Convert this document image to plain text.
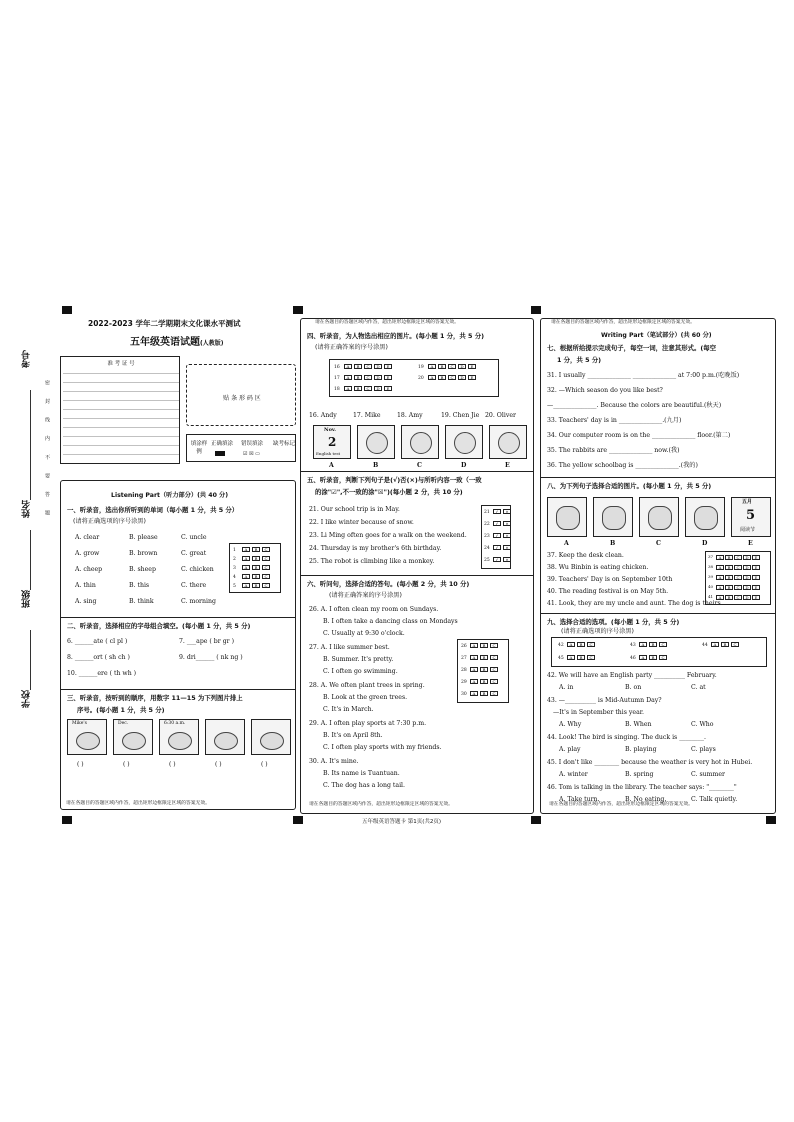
考号
姓名
班级
学校
密 封 线 内 不 要 答 题
2022-2023 学年二学期期末文化课水平测试
五年级英语试题(人教版)
准 考 证 号
贴 条 形 码 区
填涂样例
正确填涂 错误填涂
☑ ☒ ▭
缺考标记
Listening Part（听力部分）(共 40 分)
一、听录音，选出你所听到的单词（每小题 1 分，共 5 分）
(请将正确选项的序号涂黑)
A. clear	B. please	C. uncle
A. grow	B. brown	C. great
A. cheep	B. sheep	C. chicken
A. thin	B. this	C. there
A. sing	B. think	C. morning
1 A B C
2 A B C
3 A B C
4 A B C
5 A B C
二、听录音，选择相应的字母组合填空。(每小题 1 分，共 5 分)
6. ______ate ( cl pl )	7. ___ape ( br gr )
8. ______ort ( sh ch )	9. dri______ ( nk ng )
10. ______ere ( th wh )
三、听录音，按听到的顺序，用数字 11—15 为下列图片排上
序号。(每小题 1 分，共 5 分)
Mike's
( )
Dec.
( )
6:30 a.m.
( )	( )	( )
请在各题目的答题区域内作答，超出矩形边框限定区域的答案无效。
请在各题目的答题区域内作答，超出矩形边框限定区域的答案无效。
四、听录音，为人物选出相应的图片。(每小题 1 分，共 5 分)
(请将正确答案的序号涂黑)
16 A B C D E
17 A B C D E
18 A B C D E
19 A B C D E
20 A B C D E
16. Andy	17. Mike	18. Amy	19. Chen Jie 20. Oliver
Nov.
2
English test
A	B	C	D	E
五、听录音，判断下列句子是(√)否(×)与所听内容一致（一致
的涂"☑",不一致的涂"☒")(每小题 2 分，共 10 分)
21. Our school trip is in May.
22. I like winter because of snow.
23. Li Ming often goes for a walk on the weekend.
24. Thursday is my brother's 6th birthday.
25. The robot is climbing like a monkey.
21 ✓ ×
22 ✓ ×
23 ✓ ×
24 ✓ ×
25 ✓ ×
六、听问句，选择合适的答句。(每小题 2 分，共 10 分)
(请将正确答案的序号涂黑)
26. A. I often clean my room on Sundays.
B. I often take a dancing class on Mondays
C. Usually at 9:30 o'clock.
27. A. I like summer best.
B. Summer. It's pretty.
C. I often go swimming.
28. A. We often plant trees in spring.
B. Look at the green trees.
C. It's in March.
29. A. I often play sports at 7:30 p.m.
B. It's on April 8th.
C. I often play sports with my friends.
30. A. It's mine.
B. Its name is Tuantuan.
C. The dog has a long tail.
26 A B C
27 A B C
28 A B C
29 A B C
30 A B C
请在各题目的答题区域内作答，超出矩形边框限定区域的答案无效。
五年级英语答题卡 第1页(共2页)
请在各题目的答题区域内作答，超出矩形边框限定区域的答案无效。
Writing Part（笔试部分）(共 60 分)
七、根据所给提示完成句子，每空一词，注意其形式。(每空
1 分，共 5 分)
31. I usually ______________ ______________ at 7:00 p.m.(吃晚饭)
32. —Which season do you like best?
—______________. Because the colors are beautiful.(秋天)
33. Teachers' day is in ______________.(九月)
34. Our computer room is on the ______________ floor.(第二)
35. The rabbits are ______________ now.(我)
36. The yellow schoolbag is ______________.(我的)
八、为下列句子选择合适的图片。(每小题 1 分，共 5 分)
A	B	C	D
五月
5
阅读节
E
37. Keep the desk clean.
38. Wu Binbin is eating chicken.
39. Teachers' Day is on September 10th
40. The reading festival is on May 5th.
41. Look, they are my uncle and aunt. The dog is theirs.
37 A B C D E
38 A B C D E
39 A B C D E
40 A B C D E
41 A B C D E
九、选择合适的选项。(每小题 1 分，共 5 分)
(请将正确选项的序号涂黑)
42 A B C	43 A B C	44 A B C
45 A B C	46 A B C
42. We will have an English party __________ February.
A. in	B. on	C. at
43. —__________ is Mid-Autumn Day?
—It's in September this year.
A. Why	B. When	C. Who
44. Look! The bird is singing. The duck is ________.
A. play	B. playing	C. plays
45. I don't like ________ because the weather is very hot in Hubei.
A. winter	B. spring	C. summer
46. Tom is talking in the library. The teacher says: "________"
A. Take turn.	B. No eating.	C. Talk quietly.
请在各题目的答题区域内作答，超出矩形边框限定区域的答案无效。
